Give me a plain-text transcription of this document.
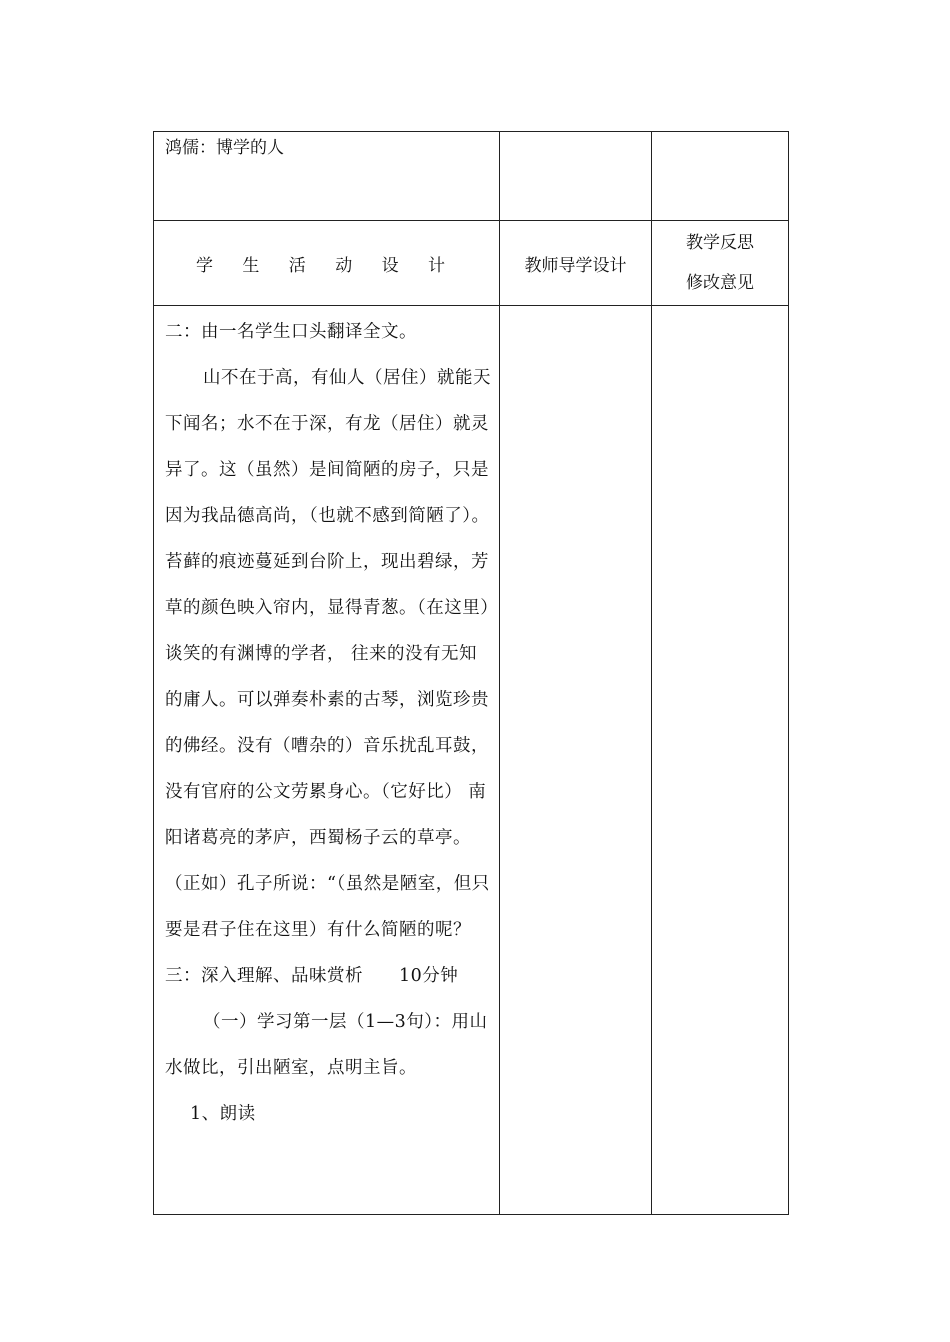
鸿儒：博学的人		

学 生 活 动 设 计	教师导学设计	教学反思
修改意见

二：由一名学生口头翻译全文。

山不在于高，有仙人（居住）就能天下闻名；水不在于深，有龙（居住）就灵异了。这（虽然）是间简陋的房子，只是因为我品德高尚，（也就不感到简陋了）。苔藓的痕迹蔓延到台阶上，现出碧绿，芳草的颜色映入帘内，显得青葱。（在这里）谈笑的有渊博的学者， 往来的没有无知的庸人。可以弹奏朴素的古琴，浏览珍贵的佛经。没有（嘈杂的）音乐扰乱耳鼓，没有官府的公文劳累身心。（它好比） 南阳诸葛亮的茅庐，西蜀杨子云的草亭。（正如）孔子所说：“（虽然是陋室，但只要是君子住在这里）有什么简陋的呢？

三：深入理解、品味赏析　　10分钟

（一）学习第一层（1—3句）：用山水做比，引出陋室，点明主旨。

1、朗读		
